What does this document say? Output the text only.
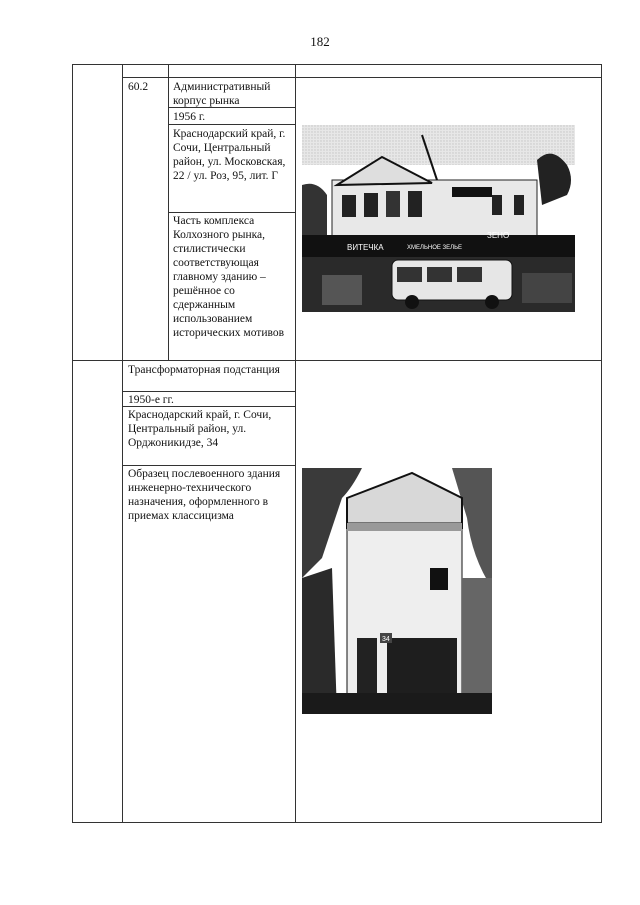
182
60.2 Административный корпус рынка
1956 г.
Краснодарский край, г. Сочи, Центральный район, ул. Московская, 22 / ул. Роз, 95, лит. Г
Часть комплекса Колхозного рынка, стилистически соответствующая главному зданию – решённое со сдержанным использованием исторических мотивов
Трансформаторная подстанция
1950-е гг.
Краснодарский край, г. Сочи, Центральный район, ул. Орджоникидзе, 34
Образец послевоенного здания инженерно-технического назначения, оформленного в приемах классицизма
ВИТЕЧКА	ХМЕЛЬНОЕ ЗЕЛЬЕ
ЗЕНО
34
